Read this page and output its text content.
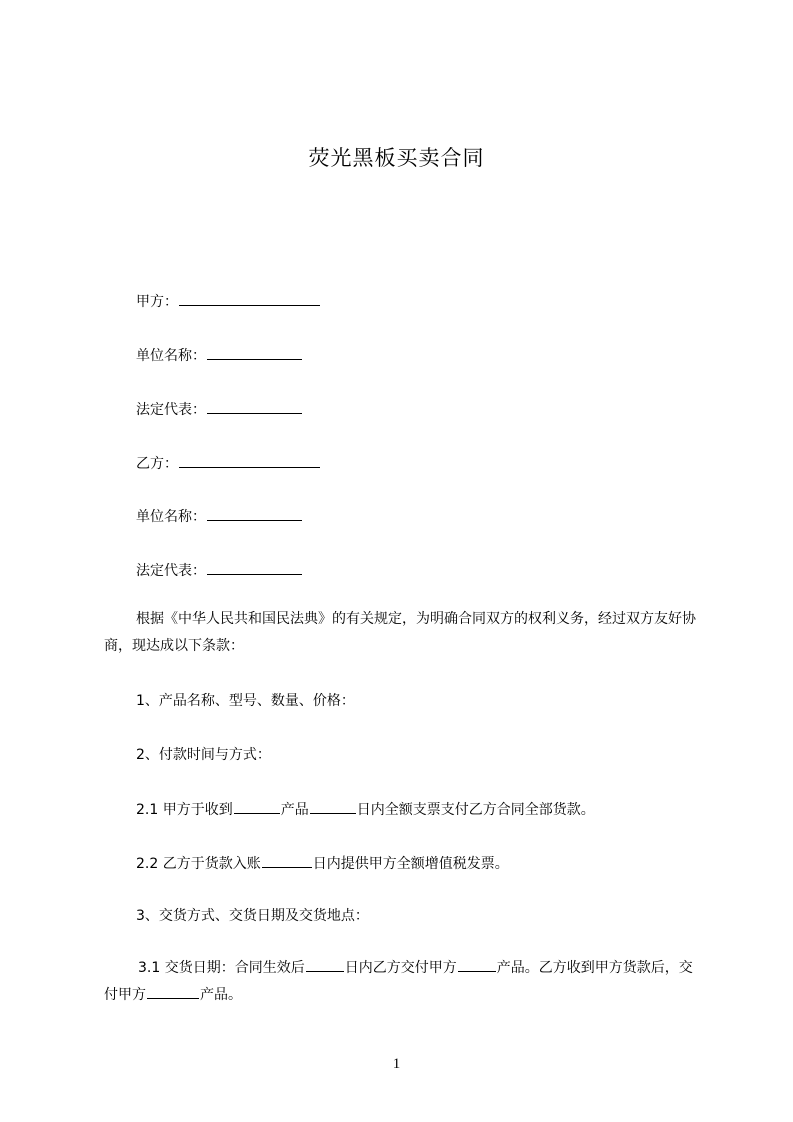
荧光黑板买卖合同
甲方：
单位名称：
法定代表：
乙方：
单位名称：
法定代表：
根据《中华人民共和国民法典》的有关规定，为明确合同双方的权利义务，经过双方友好协商，现达成以下条款：
1、产品名称、型号、数量、价格：
2、付款时间与方式：
2.1 甲方于收到	产品	日内全额支票支付乙方合同全部货款。
2.2 乙方于货款入账	日内提供甲方全额增值税发票。
3、交货方式、交货日期及交货地点：
3.1 交货日期：合同生效后	日内乙方交付甲方	产品。乙方收到甲方货款后，交付甲方	产品。
1
